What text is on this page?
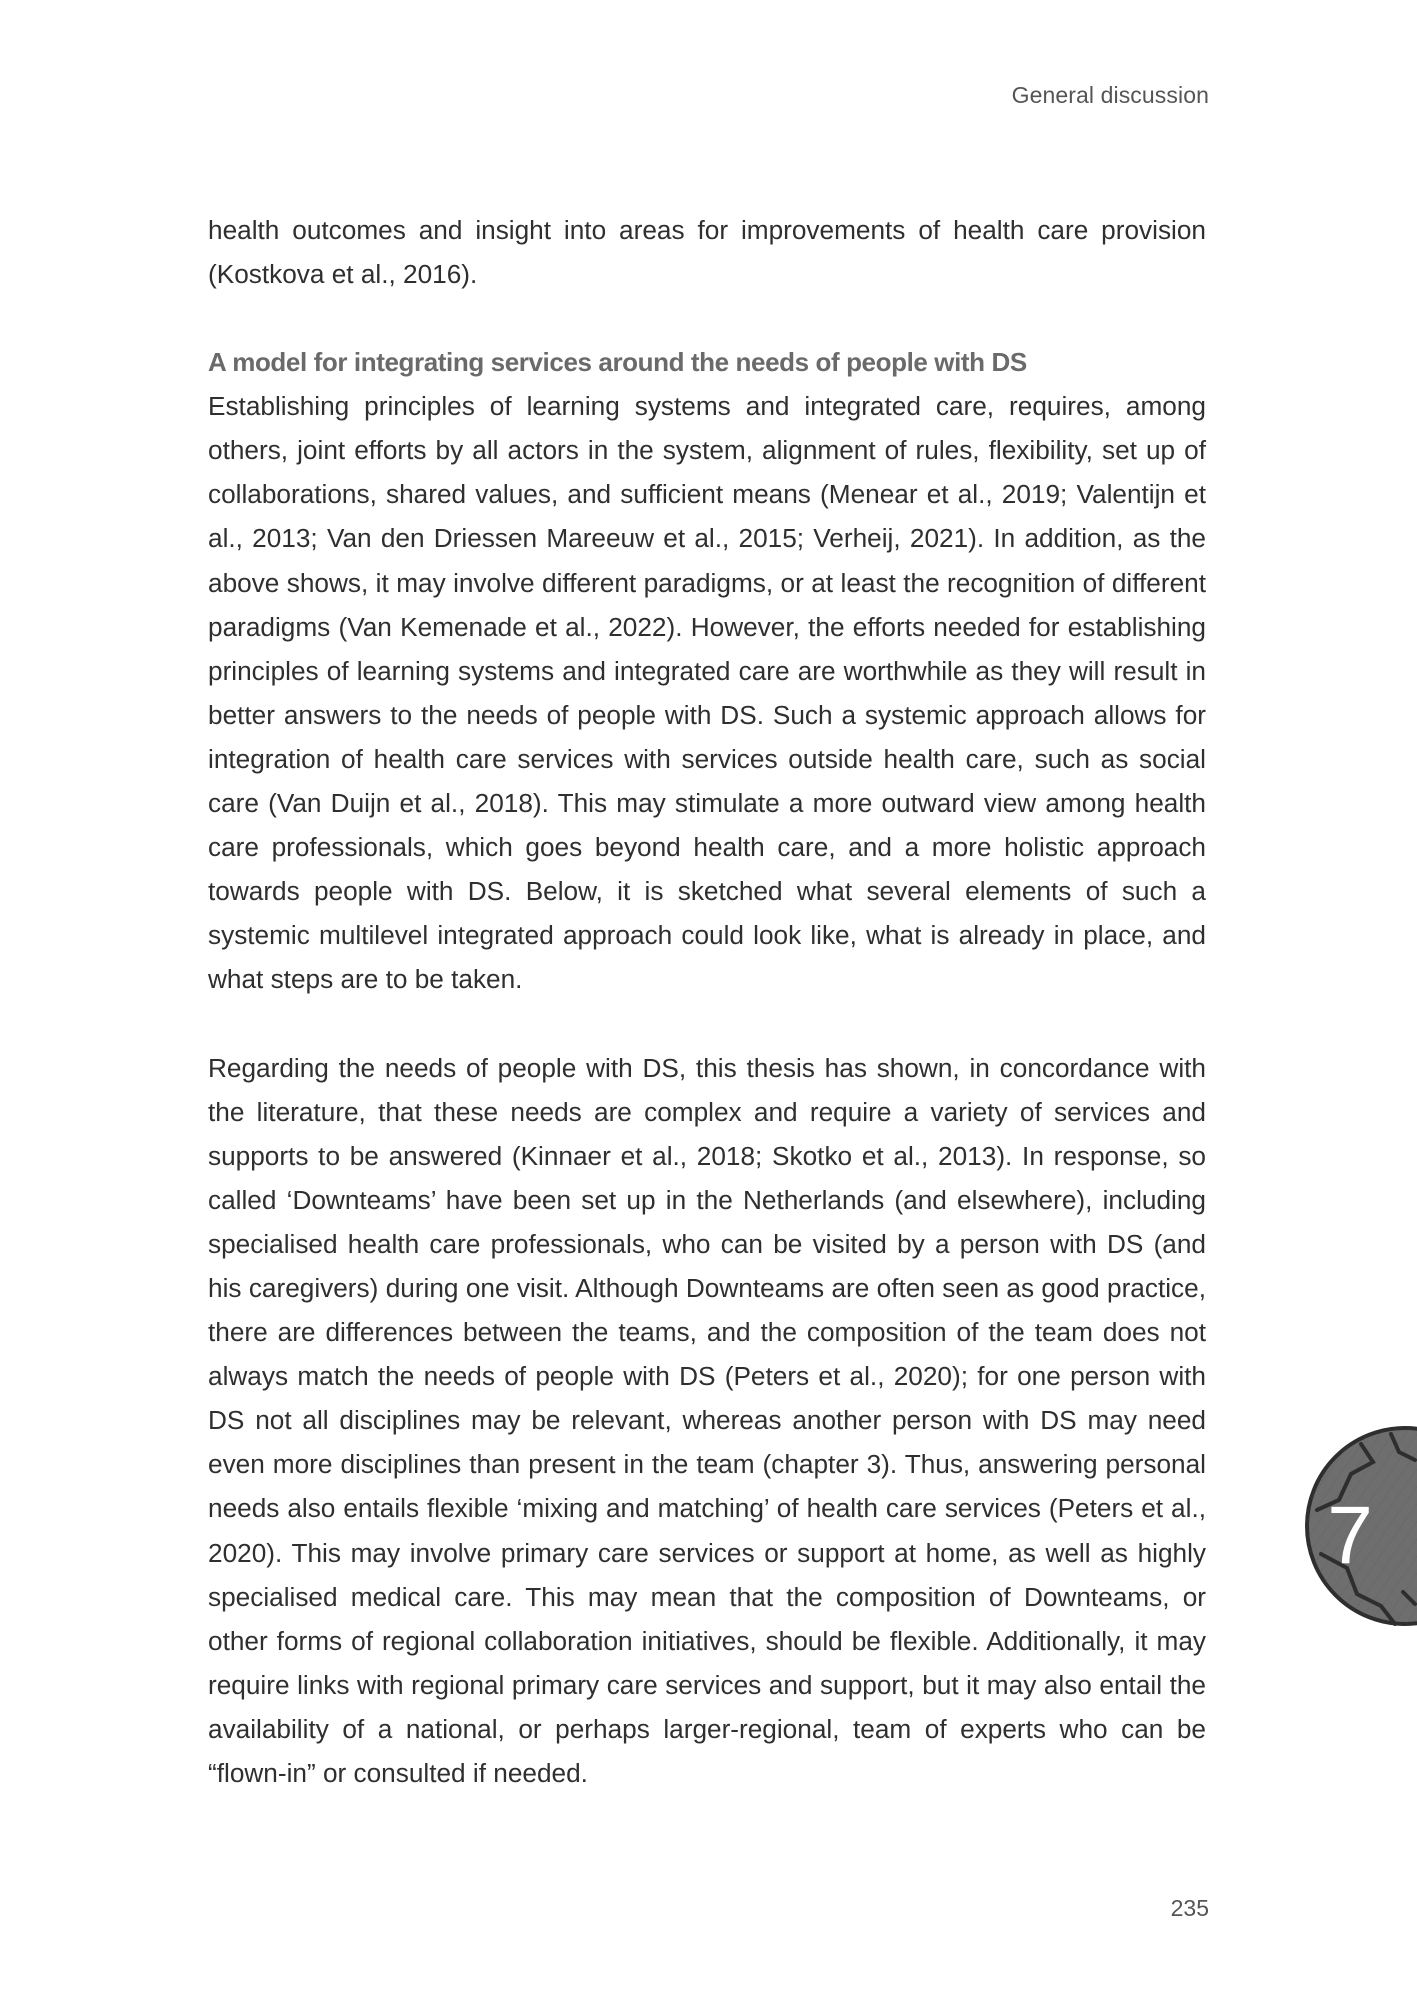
General discussion

health outcomes and insight into areas for improvements of health care provision (Kostkova et al., 2016).

A model for integrating services around the needs of people with DS

Establishing principles of learning systems and integrated care, requires, among others, joint efforts by all actors in the system, alignment of rules, flexibility, set up of collaborations, shared values, and sufficient means (Menear et al., 2019; Valentijn et al., 2013; Van den Driessen Mareeuw et al., 2015; Verheij, 2021). In addition, as the above shows, it may involve different paradigms, or at least the recognition of different paradigms (Van Kemenade et al., 2022). However, the efforts needed for establishing principles of learning systems and integrated care are worthwhile as they will result in better answers to the needs of people with DS. Such a systemic approach allows for integration of health care services with services outside health care, such as social care (Van Duijn et al., 2018). This may stimulate a more outward view among health care professionals, which goes beyond health care, and a more holistic approach towards people with DS. Below, it is sketched what several elements of such a systemic multilevel integrated approach could look like, what is already in place, and what steps are to be taken.

Regarding the needs of people with DS, this thesis has shown, in concordance with the literature, that these needs are complex and require a variety of services and supports to be answered (Kinnaer et al., 2018; Skotko et al., 2013). In response, so called ‘Downteams’ have been set up in the Netherlands (and elsewhere), including specialised health care professionals, who can be visited by a person with DS (and his caregivers) during one visit. Although Downteams are often seen as good practice, there are differences between the teams, and the composition of the team does not always match the needs of people with DS (Peters et al., 2020); for one person with DS not all disciplines may be relevant, whereas another person with DS may need even more disciplines than present in the team (chapter 3). Thus, answering personal needs also entails flexible ‘mixing and matching’ of health care services (Peters et al., 2020). This may involve primary care services or support at home, as well as highly specialised medical care. This may mean that the composition of Downteams, or other forms of regional collaboration initiatives, should be flexible. Additionally, it may require links with regional primary care services and support, but it may also entail the availability of a national, or perhaps larger-regional, team of experts who can be “flown-in” or consulted if needed.

7
235
